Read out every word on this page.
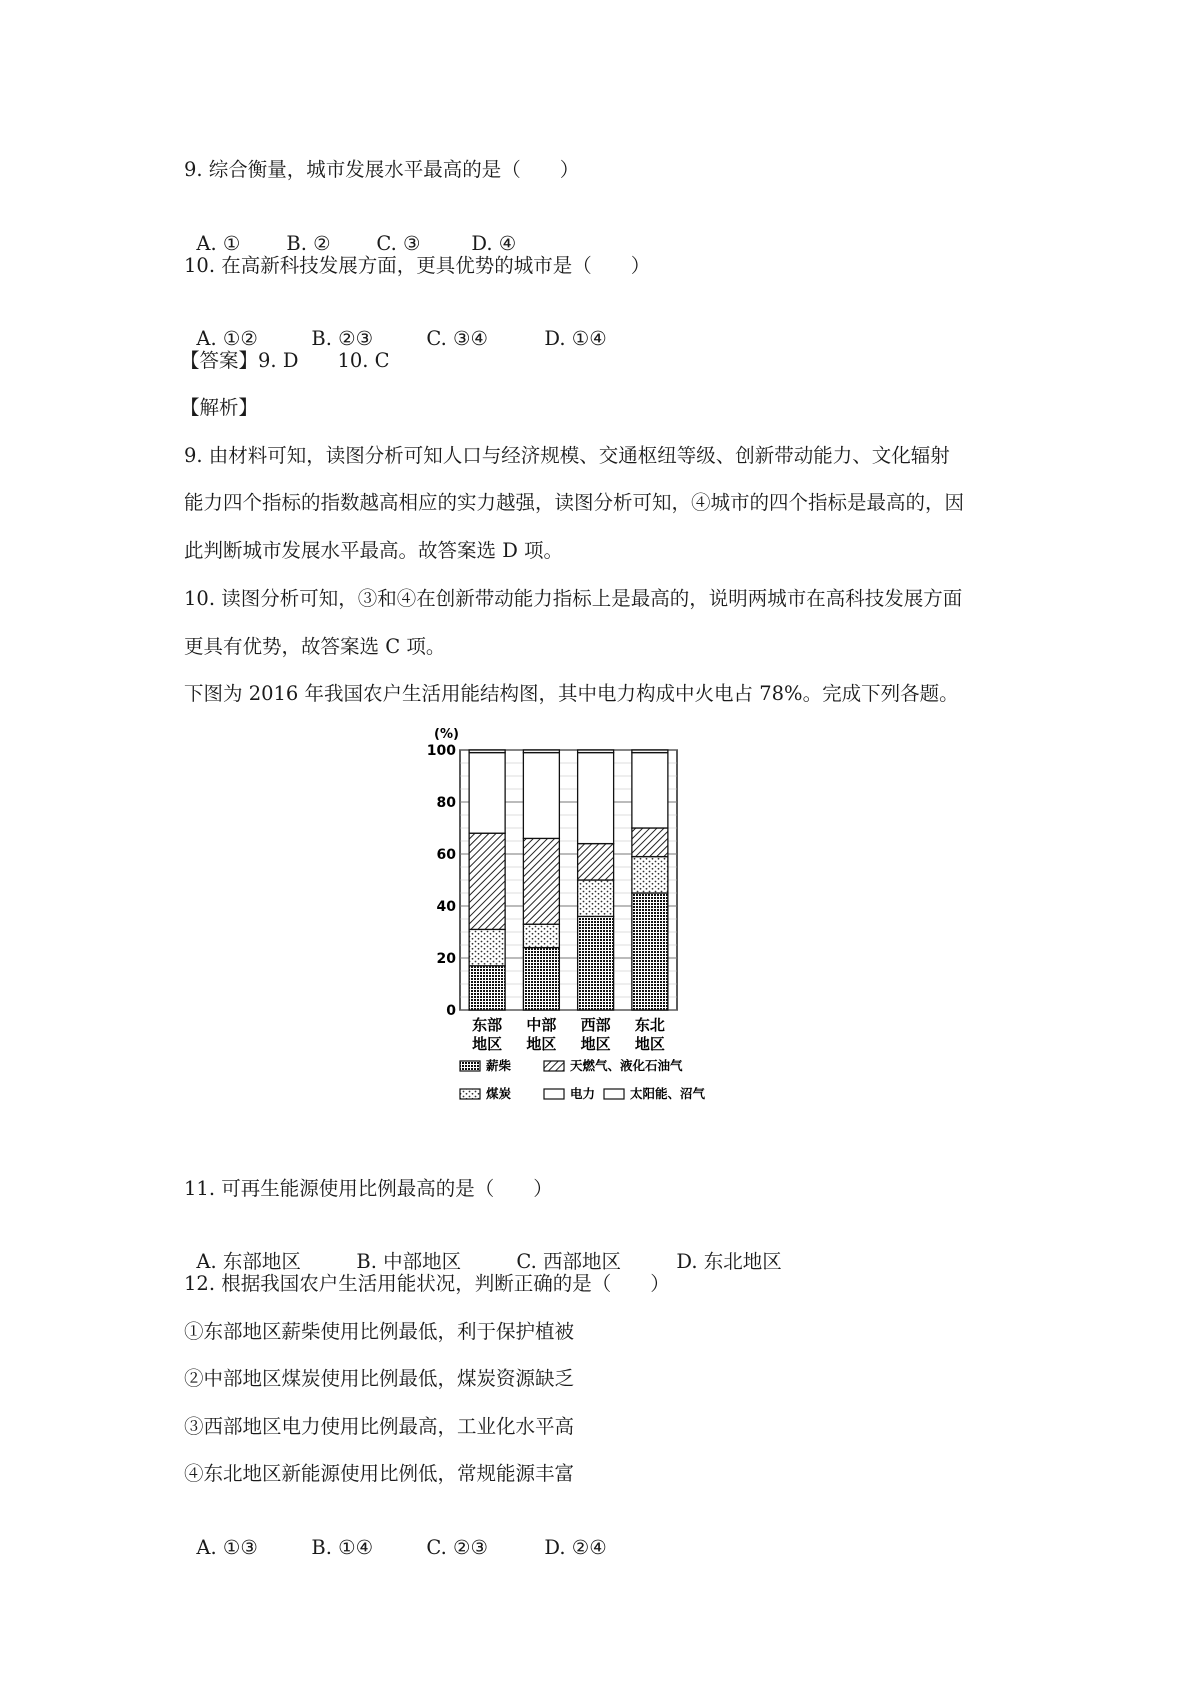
9. 综合衡量，城市发展水平最高的是（　　）

A. ① B. ② C. ③	D. ④

10. 在高新科技发展方面，更具优势的城市是（　　）

A. ①②	B. ②③	C. ③④	D. ①④

【答案】9. D　　10. C
【解析】
9. 由材料可知，读图分析可知人口与经济规模、交通枢纽等级、创新带动能力、文化辐射
能力四个指标的指数越高相应的实力越强，读图分析可知，④城市的四个指标是最高的，因
此判断城市发展水平最高。故答案选 D 项。
10. 读图分析可知，③和④在创新带动能力指标上是最高的，说明两城市在高科技发展方面
更具有优势，故答案选 C 项。
下图为 2016 年我国农户生活用能结构图，其中电力构成中火电占 78%。完成下列各题。
(%)
0
20
40
60
80
100
东部
地区
中部
地区
西部
地区
东北
地区
薪柴	天燃气、液化石油气
煤炭	电力	太阳能、沼气
11. 可再生能源使用比例最高的是（　　）

A. 东部地区	B. 中部地区	C. 西部地区	D. 东北地区

12. 根据我国农户生活用能状况，判断正确的是（　　）
①东部地区薪柴使用比例最低，利于保护植被
②中部地区煤炭使用比例最低，煤炭资源缺乏
③西部地区电力使用比例最高，工业化水平高
④东北地区新能源使用比例低，常规能源丰富

A. ①③	B. ①④	C. ②③	D. ②④
